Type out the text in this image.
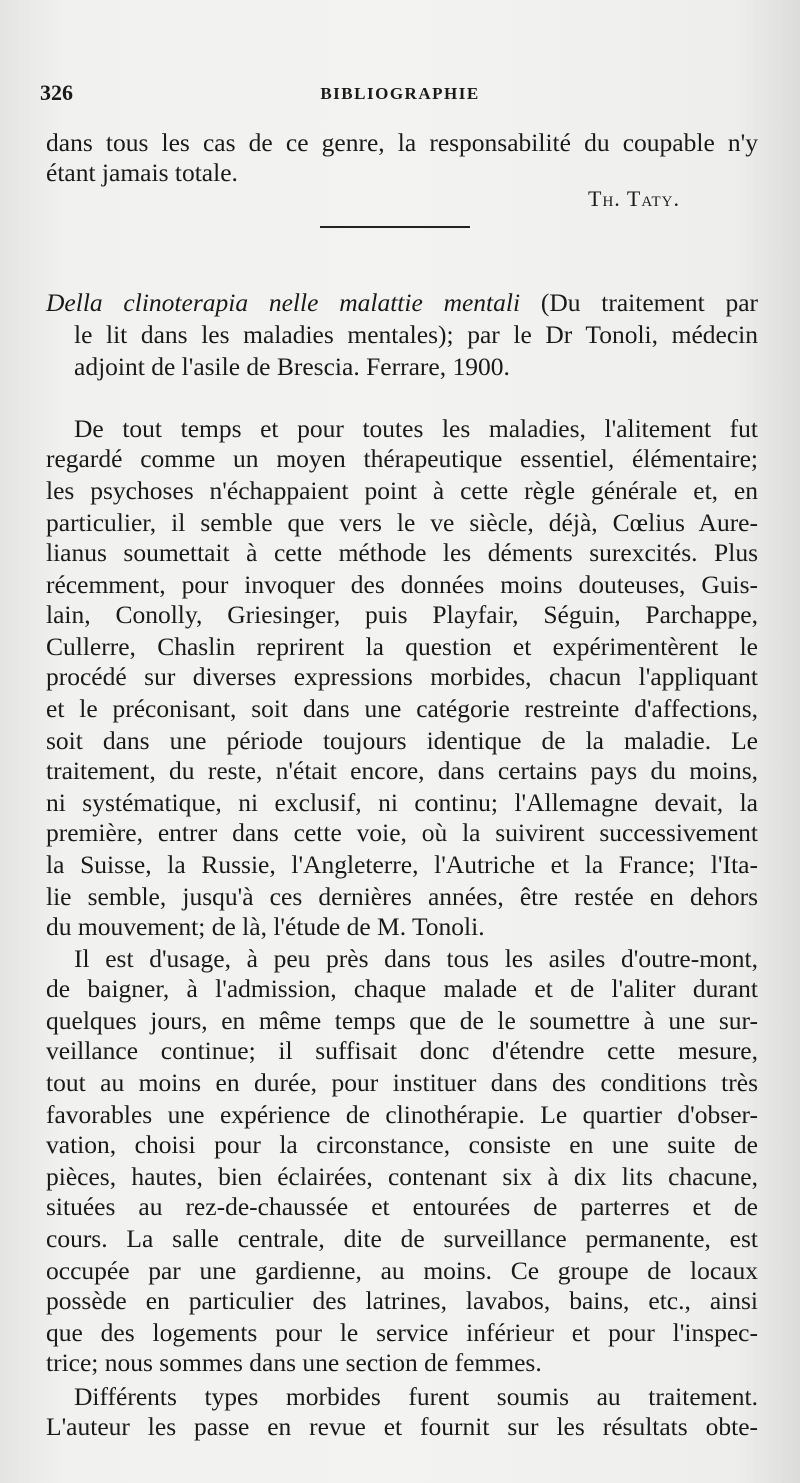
326	BIBLIOGRAPHIE
dans tous les cas de ce genre, la responsabilité du coupable n'y
étant jamais totale.
Th. Taty.
Della clinoterapia nelle malattie mentali (Du traitement par
le lit dans les maladies mentales); par le Dr Tonoli, médecin
adjoint de l'asile de Brescia. Ferrare, 1900.
De tout temps et pour toutes les maladies, l'alitement fut
regardé comme un moyen thérapeutique essentiel, élémentaire;
les psychoses n'échappaient point à cette règle générale et, en
particulier, il semble que vers le ve siècle, déjà, Cœlius Aure-
lianus soumettait à cette méthode les déments surexcités. Plus
récemment, pour invoquer des données moins douteuses, Guis-
lain, Conolly, Griesinger, puis Playfair, Séguin, Parchappe,
Cullerre, Chaslin reprirent la question et expérimentèrent le
procédé sur diverses expressions morbides, chacun l'appliquant
et le préconisant, soit dans une catégorie restreinte d'affections,
soit dans une période toujours identique de la maladie. Le
traitement, du reste, n'était encore, dans certains pays du moins,
ni systématique, ni exclusif, ni continu; l'Allemagne devait, la
première, entrer dans cette voie, où la suivirent successivement
la Suisse, la Russie, l'Angleterre, l'Autriche et la France; l'Ita-
lie semble, jusqu'à ces dernières années, être restée en dehors
du mouvement; de là, l'étude de M. Tonoli.
Il est d'usage, à peu près dans tous les asiles d'outre-mont,
de baigner, à l'admission, chaque malade et de l'aliter durant
quelques jours, en même temps que de le soumettre à une sur-
veillance continue; il suffisait donc d'étendre cette mesure,
tout au moins en durée, pour instituer dans des conditions très
favorables une expérience de clinothérapie. Le quartier d'obser-
vation, choisi pour la circonstance, consiste en une suite de
pièces, hautes, bien éclairées, contenant six à dix lits chacune,
situées au rez-de-chaussée et entourées de parterres et de
cours. La salle centrale, dite de surveillance permanente, est
occupée par une gardienne, au moins. Ce groupe de locaux
possède en particulier des latrines, lavabos, bains, etc., ainsi
que des logements pour le service inférieur et pour l'inspec-
trice; nous sommes dans une section de femmes.
Différents types morbides furent soumis au traitement.
L'auteur les passe en revue et fournit sur les résultats obte-
